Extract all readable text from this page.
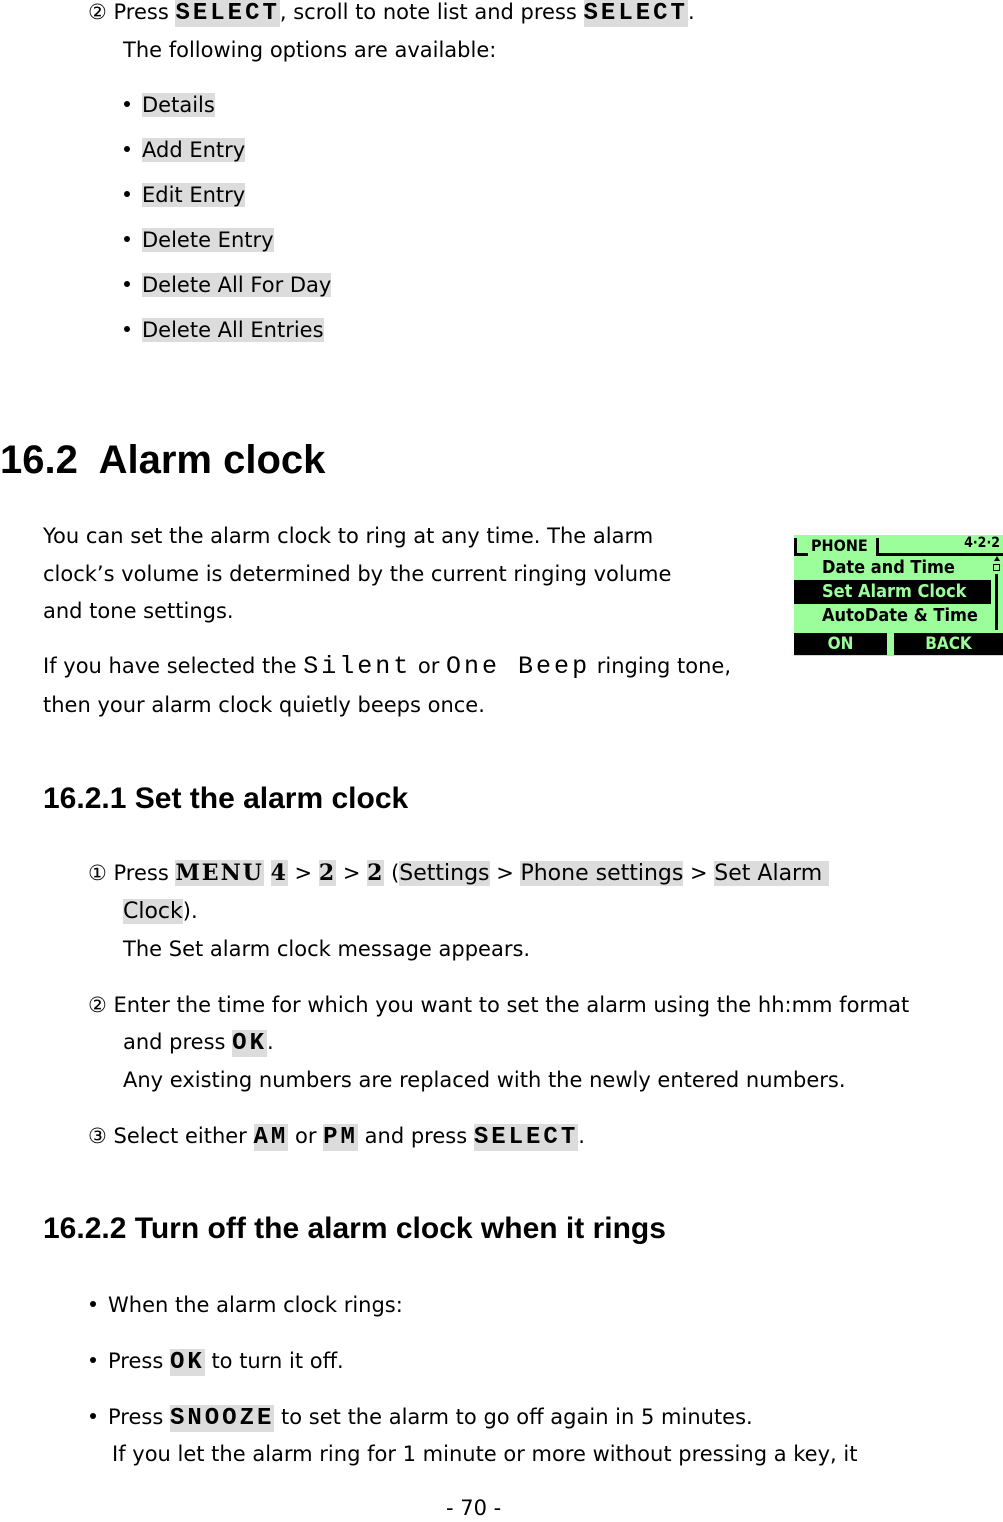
② Press SELECT, scroll to note list and press SELECT.
The following options are available:
Details
Add Entry
Edit Entry
Delete Entry
Delete All For Day
Delete All Entries
16.2  Alarm clock
You can set the alarm clock to ring at any time. The alarm
clock’s volume is determined by the current ringing volume
and tone settings.
If you have selected the Silent or One Beep ringing tone,
then your alarm clock quietly beeps once.
PHONE	4·2·2
Date and Time
Set Alarm Clock
AutoDate & Time
ON	BACK
16.2.1 Set the alarm clock
① Press MENU 4 > 2 > 2 (Settings > Phone settings > Set Alarm
Clock).
The Set alarm clock message appears.
② Enter the time for which you want to set the alarm using the hh:mm format
and press OK.
Any existing numbers are replaced with the newly entered numbers.
③ Select either AM or PM and press SELECT.
16.2.2 Turn off the alarm clock when it rings
When the alarm clock rings:
Press OK to turn it off.
Press SNOOZE to set the alarm to go off again in 5 minutes.
If you let the alarm ring for 1 minute or more without pressing a key, it
- 70 -
